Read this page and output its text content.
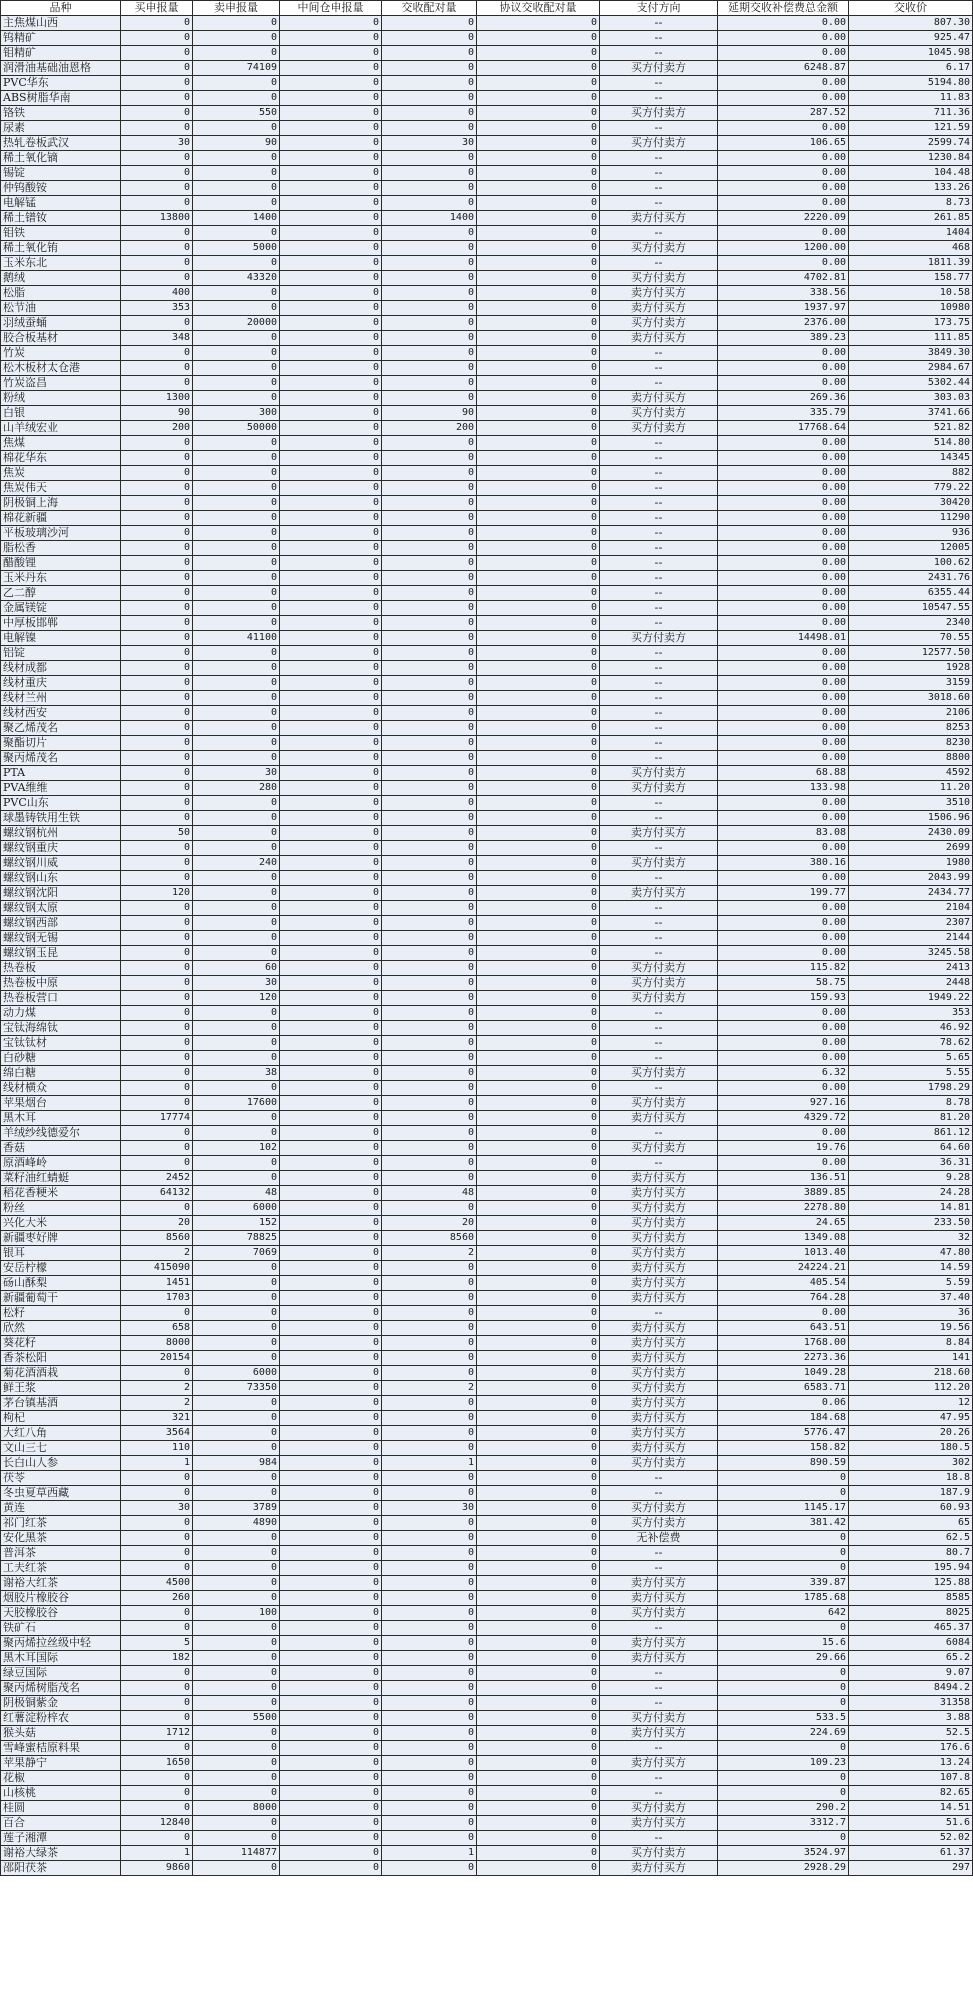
品种	买申报量	卖申报量	中间仓申报量	交收配对量	协议交收配对量	支付方向	延期交收补偿费总金额	交收价
主焦煤山西	0	0	0	0	0	--	0.00	807.30
钨精矿	0	0	0	0	0	--	0.00	925.47
钼精矿	0	0	0	0	0	--	0.00	1045.98
润滑油基础油恩格	0	74109	0	0	0	买方付卖方	6248.87	6.17
PVC华东	0	0	0	0	0	--	0.00	5194.80
ABS树脂华南	0	0	0	0	0	--	0.00	11.83
铬铁	0	550	0	0	0	买方付卖方	287.52	711.36
尿素	0	0	0	0	0	--	0.00	121.59
热轧卷板武汉	30	90	0	30	0	买方付卖方	106.65	2599.74
稀土氧化镝	0	0	0	0	0	--	0.00	1230.84
锡锭	0	0	0	0	0	--	0.00	104.48
仲钨酸铵	0	0	0	0	0	--	0.00	133.26
电解锰	0	0	0	0	0	--	0.00	8.73
稀土镨钕	13800	1400	0	1400	0	卖方付买方	2220.09	261.85
钼铁	0	0	0	0	0	--	0.00	1404
稀土氧化铕	0	5000	0	0	0	买方付卖方	1200.00	468
玉米东北	0	0	0	0	0	--	0.00	1811.39
鹅绒	0	43320	0	0	0	买方付卖方	4702.81	158.77
松脂	400	0	0	0	0	卖方付买方	338.56	10.58
松节油	353	0	0	0	0	卖方付买方	1937.97	10980
羽绒蚕蛹	0	20000	0	0	0	买方付卖方	2376.00	173.75
胶合板基材	348	0	0	0	0	卖方付买方	389.23	111.85
竹炭	0	0	0	0	0	--	0.00	3849.30
松木板材太仓港	0	0	0	0	0	--	0.00	2984.67
竹炭盗昌	0	0	0	0	0	--	0.00	5302.44
粉绒	1300	0	0	0	0	卖方付买方	269.36	303.03
白银	90	300	0	90	0	买方付卖方	335.79	3741.66
山羊绒宏业	200	50000	0	200	0	买方付卖方	17768.64	521.82
焦煤	0	0	0	0	0	--	0.00	514.80
棉花华东	0	0	0	0	0	--	0.00	14345
焦炭	0	0	0	0	0	--	0.00	882
焦炭伟天	0	0	0	0	0	--	0.00	779.22
阴极铜上海	0	0	0	0	0	--	0.00	30420
棉花新疆	0	0	0	0	0	--	0.00	11290
平板玻璃沙河	0	0	0	0	0	--	0.00	936
脂松香	0	0	0	0	0	--	0.00	12005
醋酸锂	0	0	0	0	0	--	0.00	100.62
玉米丹东	0	0	0	0	0	--	0.00	2431.76
乙二醇	0	0	0	0	0	--	0.00	6355.44
金属镁锭	0	0	0	0	0	--	0.00	10547.55
中厚板邯郸	0	0	0	0	0	--	0.00	2340
电解镍	0	41100	0	0	0	买方付卖方	14498.01	70.55
铝锭	0	0	0	0	0	--	0.00	12577.50
线材成都	0	0	0	0	0	--	0.00	1928
线材重庆	0	0	0	0	0	--	0.00	3159
线材兰州	0	0	0	0	0	--	0.00	3018.60
线材西安	0	0	0	0	0	--	0.00	2106
聚乙烯茂名	0	0	0	0	0	--	0.00	8253
聚酯切片	0	0	0	0	0	--	0.00	8230
聚丙烯茂名	0	0	0	0	0	--	0.00	8800
PTA	0	30	0	0	0	买方付卖方	68.88	4592
PVA维维	0	280	0	0	0	买方付卖方	133.98	11.20
PVC山东	0	0	0	0	0	--	0.00	3510
球墨铸铁用生铁	0	0	0	0	0	--	0.00	1506.96
螺纹钢杭州	50	0	0	0	0	卖方付买方	83.08	2430.09
螺纹钢重庆	0	0	0	0	0	--	0.00	2699
螺纹钢川威	0	240	0	0	0	买方付卖方	380.16	1980
螺纹钢山东	0	0	0	0	0	--	0.00	2043.99
螺纹钢沈阳	120	0	0	0	0	卖方付买方	199.77	2434.77
螺纹钢太原	0	0	0	0	0	--	0.00	2104
螺纹钢西部	0	0	0	0	0	--	0.00	2307
螺纹钢无锡	0	0	0	0	0	--	0.00	2144
螺纹钢玉昆	0	0	0	0	0	--	0.00	3245.58
热卷板	0	60	0	0	0	买方付卖方	115.82	2413
热卷板中原	0	30	0	0	0	买方付卖方	58.75	2448
热卷板营口	0	120	0	0	0	买方付卖方	159.93	1949.22
动力煤	0	0	0	0	0	--	0.00	353
宝钛海绵钛	0	0	0	0	0	--	0.00	46.92
宝钛钛材	0	0	0	0	0	--	0.00	78.62
白砂糖	0	0	0	0	0	--	0.00	5.65
绵白糖	0	38	0	0	0	买方付卖方	6.32	5.55
线材横众	0	0	0	0	0	--	0.00	1798.29
苹果烟台	0	17600	0	0	0	买方付卖方	927.16	8.78
黑木耳	17774	0	0	0	0	卖方付买方	4329.72	81.20
羊绒纱线德爱尔	0	0	0	0	0	--	0.00	861.12
香菇	0	102	0	0	0	买方付卖方	19.76	64.60
原酒峰岭	0	0	0	0	0	--	0.00	36.31
菜籽油红蜻蜓	2452	0	0	0	0	卖方付买方	136.51	9.28
稻花香粳米	64132	48	0	48	0	卖方付买方	3889.85	24.28
粉丝	0	6000	0	0	0	买方付卖方	2278.80	14.81
兴化大米	20	152	0	20	0	买方付卖方	24.65	233.50
新疆枣好牌	8560	78825	0	8560	0	买方付卖方	1349.08	32
银耳	2	7069	0	2	0	买方付卖方	1013.40	47.80
安岳柠檬	415090	0	0	0	0	卖方付买方	24224.21	14.59
砀山酥梨	1451	0	0	0	0	卖方付买方	405.54	5.59
新疆葡萄干	1703	0	0	0	0	卖方付买方	764.28	37.40
松籽	0	0	0	0	0	--	0.00	36
欣然	658	0	0	0	0	卖方付买方	643.51	19.56
葵花籽	8000	0	0	0	0	卖方付买方	1768.00	8.84
香茶松阳	20154	0	0	0	0	卖方付买方	2273.36	141
菊花酒酒栽	0	6000	0	0	0	买方付卖方	1049.28	218.60
鲜王浆	2	73350	0	2	0	买方付卖方	6583.71	112.20
茅台镇基酒	2	0	0	0	0	卖方付买方	0.06	12
枸杞	321	0	0	0	0	卖方付买方	184.68	47.95
大红八角	3564	0	0	0	0	卖方付买方	5776.47	20.26
文山三七	110	0	0	0	0	卖方付买方	158.82	180.5
长白山人参	1	984	0	1	0	买方付卖方	890.59	302
茯苓	0	0	0	0	0	--	0	18.8
冬虫夏草西藏	0	0	0	0	0	--	0	187.9
黄连	30	3789	0	30	0	买方付卖方	1145.17	60.93
祁门红茶	0	4890	0	0	0	买方付卖方	381.42	65
安化黑茶	0	0	0	0	0	无补偿费	0	62.5
普洱茶	0	0	0	0	0	--	0	80.7
工夫红茶	0	0	0	0	0	--	0	195.94
谢裕大红茶	4500	0	0	0	0	卖方付买方	339.87	125.88
烟胶片橡胶谷	260	0	0	0	0	卖方付买方	1785.68	8585
天胶橡胶谷	0	100	0	0	0	买方付卖方	642	8025
铁矿石	0	0	0	0	0	--	0	465.37
聚丙烯拉丝级中轻	5	0	0	0	0	卖方付买方	15.6	6084
黑木耳国际	182	0	0	0	0	卖方付买方	29.66	65.2
绿豆国际	0	0	0	0	0	--	0	9.07
聚丙烯树脂茂名	0	0	0	0	0	--	0	8494.2
阴极铜紫金	0	0	0	0	0	--	0	31358
红薯淀粉梓农	0	5500	0	0	0	买方付卖方	533.5	3.88
猴头菇	1712	0	0	0	0	卖方付买方	224.69	52.5
雪峰蜜桔原料果	0	0	0	0	0	--	0	176.6
苹果静宁	1650	0	0	0	0	卖方付买方	109.23	13.24
花椒	0	0	0	0	0	--	0	107.8
山核桃	0	0	0	0	0	--	0	82.65
桂圆	0	8000	0	0	0	买方付卖方	290.2	14.51
百合	12840	0	0	0	0	卖方付买方	3312.7	51.6
莲子湘潭	0	0	0	0	0	--	0	52.02
谢裕大绿茶	1	114877	0	1	0	买方付卖方	3524.97	61.37
邵阳茯茶	9860	0	0	0	0	卖方付买方	2928.29	297
